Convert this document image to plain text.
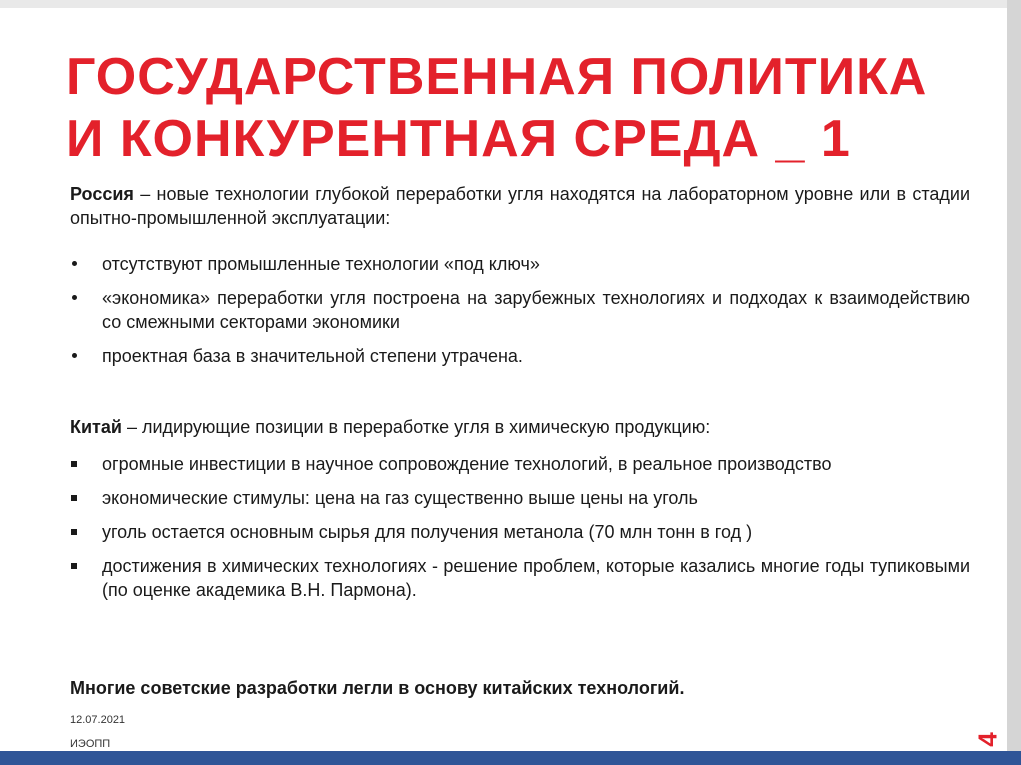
ГОСУДАРСТВЕННАЯ ПОЛИТИКА
И КОНКУРЕНТНАЯ СРЕДА _ 1

Россия – новые технологии глубокой переработки угля находятся на лабораторном уровне или в стадии опытно-промышленной эксплуатации:

отсутствуют промышленные технологии «под ключ»
«экономика» переработки угля построена на зарубежных технологиях и подходах к взаимодействию со смежными секторами экономики
проектная база в значительной степени утрачена.

Китай – лидирующие позиции в переработке угля в химическую продукцию:

огромные инвестиции в научное сопровождение технологий, в реальное производство
экономические стимулы: цена на газ существенно выше цены на уголь
уголь остается основным сырья для получения метанола (70 млн тонн в год )
достижения в химических технологиях - решение проблем, которые казались многие годы тупиковыми (по оценке академика В.Н. Пармона).

Многие советские разработки легли в основу китайских технологий.

12.07.2021
ИЭОПП	4
